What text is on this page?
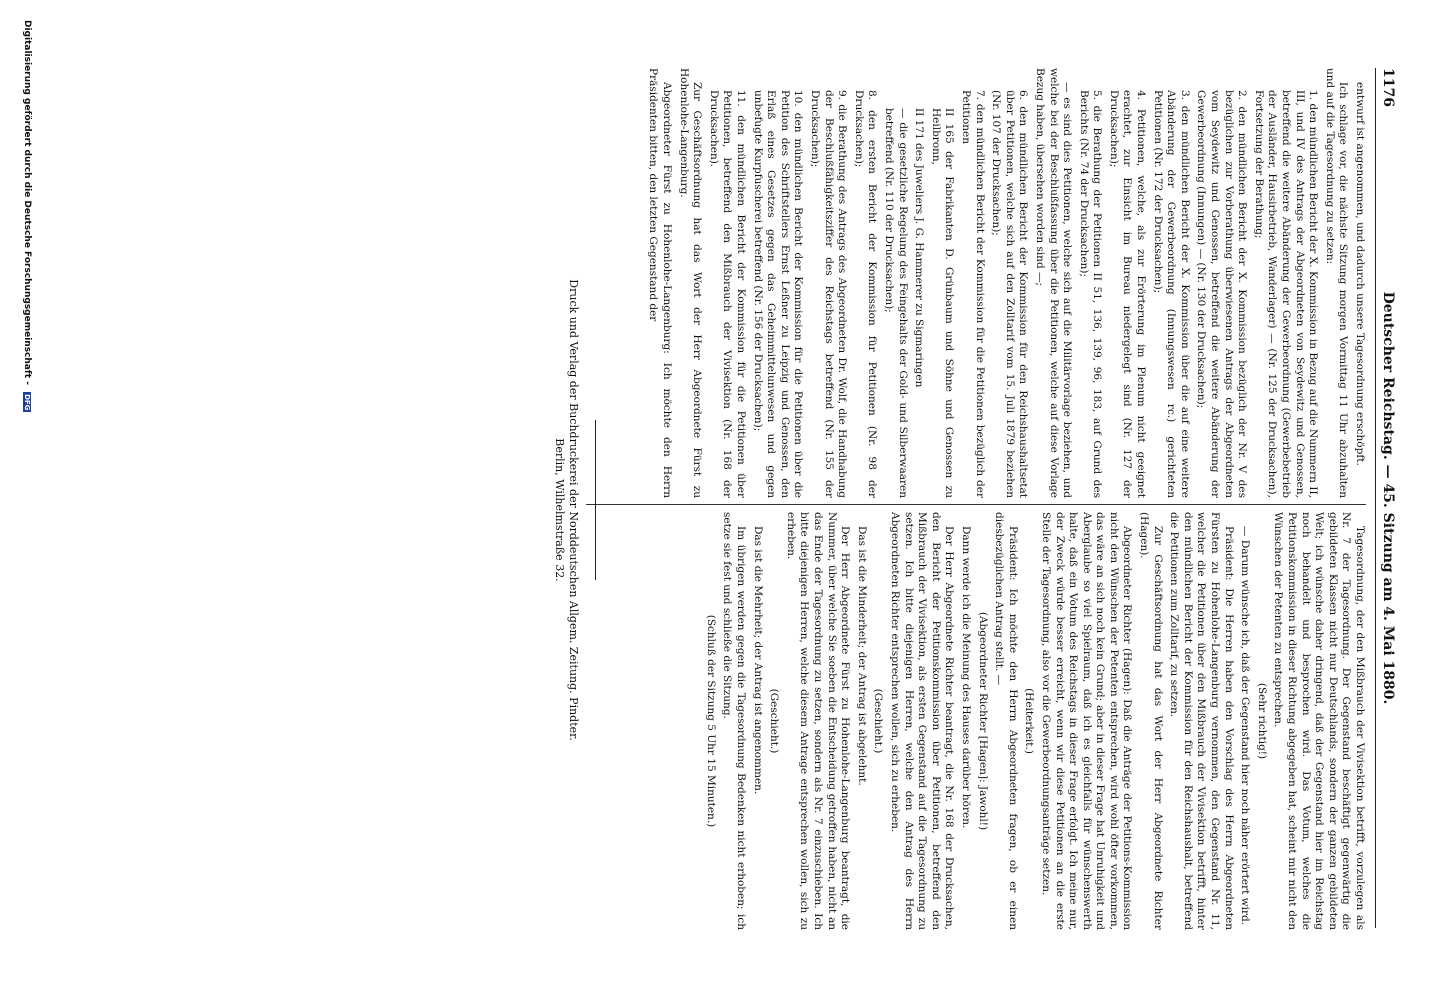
1176
Deutscher Reichstag. — 45. Sitzung am 4. Mai 1880.

entwurf ist angenommen, und dadurch unsere Tagesordnung erschöpft.

Ich schlage vor, die nächste Sitzung morgen Vormittag 11 Uhr abzuhalten und auf die Tagesordnung zu setzen:

1. den mündlichen Bericht der X. Kommission in Bezug auf die Nummern II, III, und IV des Antrags der Abgeordneten von Seydewitz und Genossen, betreffend die weitere Abänderung der Gewerbeordnung (Gewerbebetrieb der Ausländer, Hausirbetrieb, Wanderlager) — (Nr. 125 der Drucksachen), Fortsetzung der Berathung;

2. den mündlichen Bericht der X. Kommission bezüglich der Nr. V des bezüglichen zur Vorberathung überwiesenen Antrags der Abgeordneten vom Seydewitz und Genossen, betreffend die weitere Abänderung der Gewerbeordnung (Innungen) — (Nr. 130 der Drucksachen);

3. den mündlichen Bericht der X. Kommission über die auf eine weitere Abänderung der Gewerbeordnung (Innungswesen rc.) gerichteten Petitionen (Nr. 172 der Drucksachen);

4. Petitionen, welche, als zur Erörterung im Plenum nicht geeignet erachtet, zur Einsicht im Bureau niedergelegt sind (Nr. 127 der Drucksachen);

5. die Berathung der Petitionen II 51, 136, 139, 96, 183, auf Grund des Berichts (Nr. 74 der Drucksachen);

— es sind dies Petitionen, welche sich auf die Militärvorlage beziehen, und welche bei der Beschlußfassung über die Petitionen, welche auf diese Vorlage Bezug haben, übersehen worden sind —;

6. den mündlichen Bericht der Kommission für den Reichshaushaltsetat über Petitionen, welche sich auf den Zolltarif vom 15. Juli 1879 beziehen (Nr. 107 der Drucksachen);

7. den mündlichen Bericht der Kommission für die Petitionen bezüglich der Petitionen

II 165 der Fabrikanten D. Grünbaum und Söhne und Genossen zu Heilbronn,

II 171 des Juweliers J. G. Hammerer zu Sigmaringen

— die gesetzliche Regelung des Feingehalts der Gold- und Silberwaaren betreffend (Nr. 110 der Drucksachen);

8. den ersten Bericht der Kommission für Petitionen (Nr. 98 der Drucksachen);

9. die Berathung des Antrags des Abgeordneten Dr. Wolf, die Handhabung der Beschlußfähigkeitsziffer des Reichstags betreffend (Nr. 155 der Drucksachen);

10. den mündlichen Bericht der Kommission für die Petitionen über die Petition des Schriftstellers Ernst Leßner zu Leipzig und Genossen, den Erlaß eines Gesetzes gegen das Geheimmittelunwesen und gegen unbefugte Kurpfuscherei betreffend (Nr. 156 der Drucksachen);

11. den mündlichen Bericht der Kommission für die Petitionen über Petitionen, betreffend den Mißbrauch der Vivisektion (Nr. 168 der Drucksachen).

Zur Geschäftsordnung hat das Wort der Herr Abgeordnete Fürst zu Hohenlohe-Langenburg.

Abgeordneter Fürst zu Hohenlohe-Langenburg: Ich möchte den Herrn Präsidenten bitten, den letzten Gegenstand der

Tagesordnung, der den Mißbrauch der Vivisektion betrifft, vorzulegen als Nr. 7 der Tagesordnung. Der Gegenstand beschäftigt gegenwärtig die gebildeten Klassen nicht nur Deutschlands, sondern der ganzen gebildeten Welt; ich wünsche daher dringend, daß der Gegenstand hier im Reichstag noch behandelt und besprochen wird. Das Votum, welches die Petitionskommission in dieser Richtung abgegeben hat, scheint mir nicht den Wünschen der Petenten zu entsprechen.

(Sehr richtig!)

— Darum wünsche ich, daß der Gegenstand hier noch näher erörtert wird.

Präsident: Die Herren haben den Vorschlag des Herrn Abgeordneten Fürsten zu Hohenlohe-Langenburg vernommen, den Gegenstand Nr. 11, welcher die Petitionen über den Mißbrauch der Vivisektion betrifft, hinter den mündlichen Bericht der Kommission für den Reichshaushalt, betreffend die Petitionen zum Zolltarif, zu setzen.

Zur Geschäftsordnung hat das Wort der Herr Abgeordnete Richter (Hagen).

Abgeordneter Richter (Hagen): Daß die Anträge der Petitions-Kommission nicht den Wünschen der Petenten entsprechen, wird wohl öfter vorkommen, das wäre an sich noch kein Grund; aber in dieser Frage hat Unruhigkeit und Aberglaube so viel Spielraum, daß ich es gleichfalls für wünschenswerth halte, daß ein Votum des Reichstags in dieser Frage erfolgt. Ich meine nur, der Zweck würde besser erreicht, wenn wir diese Petitionen an die erste Stelle der Tagesordnung, also vor die Gewerbeordnungsanträge setzen.

(Heiterkeit.)

Präsident: Ich möchte den Herrn Abgeordneten fragen, ob er einen diesbezüglichen Antrag stellt. —

(Abgeordneter Richter [Hagen]: Jawohl!)

Dann werde ich die Meinung des Hauses darüber hören.

Der Herr Abgeordnete Richter beantragt, die Nr. 168 der Drucksachen, den Bericht der Petitionskommission über Petitionen, betreffend den Mißbrauch der Vivisektion, als ersten Gegenstand auf die Tagesordnung zu setzen. Ich bitte diejenigen Herren, welche den Antrag des Herrn Abgeordneten Richter entsprechen wollen, sich zu erheben.

(Geschieht.)

Das ist die Minderheit; der Antrag ist abgelehnt.

Der Herr Abgeordnete Fürst zu Hohenlohe-Langenburg beantragt, die Nummer, über welche Sie soeben die Entscheidung getroffen haben, nicht an das Ende der Tagesordnung zu setzen, sondern als Nr. 7 einzuschieben. Ich bitte diejenigen Herren, welche diesem Antrage entsprechen wollen, sich zu erheben.

(Geschieht.)

Das ist die Mehrheit; der Antrag ist angenommen.

Im übrigen werden gegen die Tagesordnung Bedenken nicht erhoben; ich setze sie fest und schließe die Sitzung.

(Schluß der Sitzung 5 Uhr 15 Minuten.)

Druck und Verlag der Buchdruckerei der Norddeutschen Allgem. Zeitung. Pindter.
Berlin, Wilhelmstraße 32.
Digitalisierung gefördert durch die Deutsche Forschungsgemeinschaft - DFG
